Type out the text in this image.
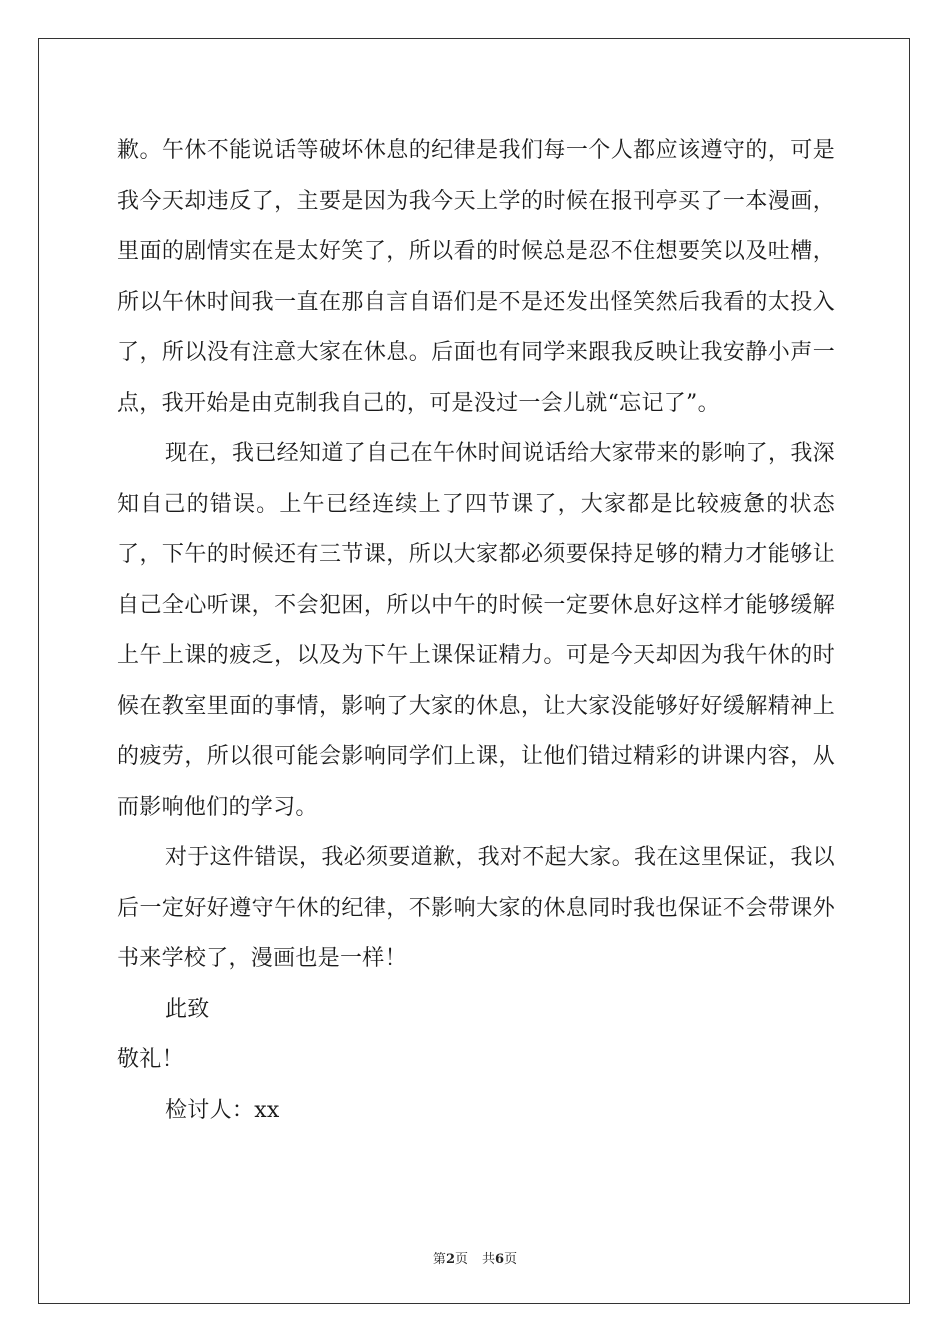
歉。午休不能说话等破坏休息的纪律是我们每一个人都应该遵守的，可是我今天却违反了，主要是因为我今天上学的时候在报刊亭买了一本漫画，里面的剧情实在是太好笑了，所以看的时候总是忍不住想要笑以及吐槽，所以午休时间我一直在那自言自语们是不是还发出怪笑然后我看的太投入了，所以没有注意大家在休息。后面也有同学来跟我反映让我安静小声一点，我开始是由克制我自己的，可是没过一会儿就“忘记了”。

现在，我已经知道了自己在午休时间说话给大家带来的影响了，我深知自己的错误。上午已经连续上了四节课了，大家都是比较疲惫的状态了，下午的时候还有三节课，所以大家都必须要保持足够的精力才能够让自己全心听课，不会犯困，所以中午的时候一定要休息好这样才能够缓解上午上课的疲乏，以及为下午上课保证精力。可是今天却因为我午休的时候在教室里面的事情，影响了大家的休息，让大家没能够好好缓解精神上的疲劳，所以很可能会影响同学们上课，让他们错过精彩的讲课内容，从而影响他们的学习。

对于这件错误，我必须要道歉，我对不起大家。我在这里保证，我以后一定好好遵守午休的纪律，不影响大家的休息同时我也保证不会带课外书来学校了，漫画也是一样！

此致

敬礼！

检讨人：xx

第2页 共6页
